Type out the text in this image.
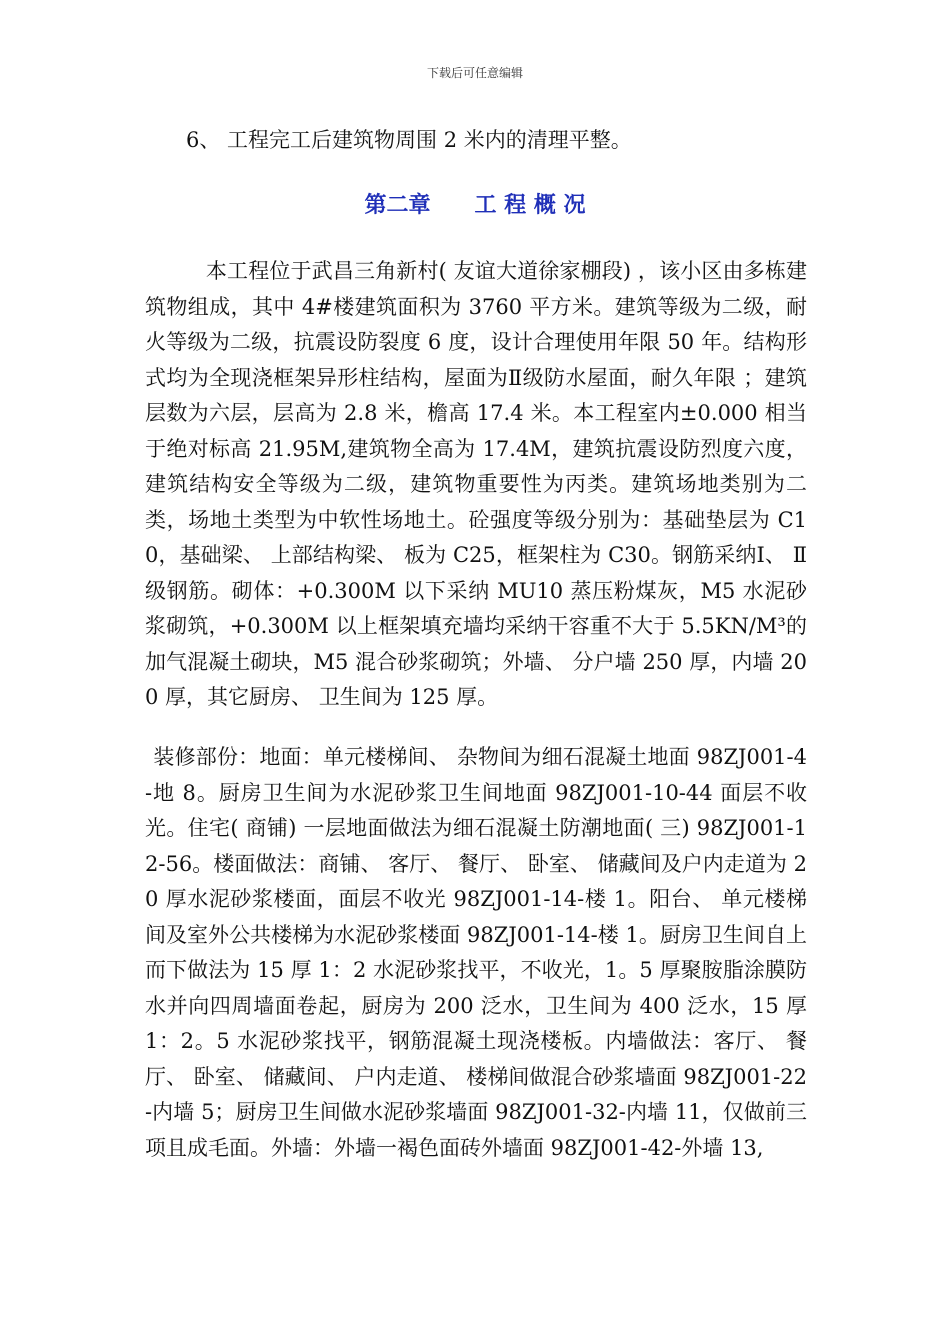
下载后可任意编辑
6、 工程完工后建筑物周围 2 米内的清理平整。
第二章　　工 程 概 况

本工程位于武昌三角新村( 友谊大道徐家棚段) ，该小区由多栋建筑物组成，其中 4#楼建筑面积为 3760 平方米。建筑等级为二级，耐火等级为二级，抗震设防裂度 6 度，设计合理使用年限 50 年。结构形式均为全现浇框架异形柱结构，屋面为Ⅱ级防水屋面，耐久年限 ；建筑层数为六层，层高为 2.8 米，檐高 17.4 米。本工程室内±0.000 相当于绝对标高 21.95M,建筑物全高为 17.4M，建筑抗震设防烈度六度，建筑结构安全等级为二级，建筑物重要性为丙类。建筑场地类别为二类，场地土类型为中软性场地土。砼强度等级分别为：基础垫层为 C10，基础梁、 上部结构梁、 板为 C25，框架柱为 C30。钢筋采纳Ⅰ、 Ⅱ级钢筋。砌体：+0.300M 以下采纳 MU10 蒸压粉煤灰，M5 水泥砂浆砌筑，+0.300M 以上框架填充墙均采纳干容重不大于 5.5KN/M³的加气混凝土砌块，M5 混合砂浆砌筑；外墙、 分户墙 250 厚，内墙 200 厚，其它厨房、 卫生间为 125 厚。

装修部份：地面：单元楼梯间、 杂物间为细石混凝土地面 98ZJ001-4-地 8。厨房卫生间为水泥砂浆卫生间地面 98ZJ001-10-44 面层不收光。住宅( 商铺) 一层地面做法为细石混凝土防潮地面( 三) 98ZJ001-12-56。楼面做法：商铺、 客厅、 餐厅、 卧室、 储藏间及户内走道为 20 厚水泥砂浆楼面，面层不收光 98ZJ001-14-楼 1。阳台、 单元楼梯间及室外公共楼梯为水泥砂浆楼面 98ZJ001-14-楼 1。厨房卫生间自上而下做法为 15 厚 1：2 水泥砂浆找平，不收光，1。5 厚聚胺脂涂膜防水并向四周墙面卷起，厨房为 200 泛水，卫生间为 400 泛水，15 厚 1：2。5 水泥砂浆找平，钢筋混凝土现浇楼板。内墙做法：客厅、 餐厅、 卧室、 储藏间、 户内走道、 楼梯间做混合砂浆墙面 98ZJ001-22-内墙 5；厨房卫生间做水泥砂浆墙面 98ZJ001-32-内墙 11，仅做前三项且成毛面。外墙：外墙一褐色面砖外墙面 98ZJ001-42-外墙 13,
